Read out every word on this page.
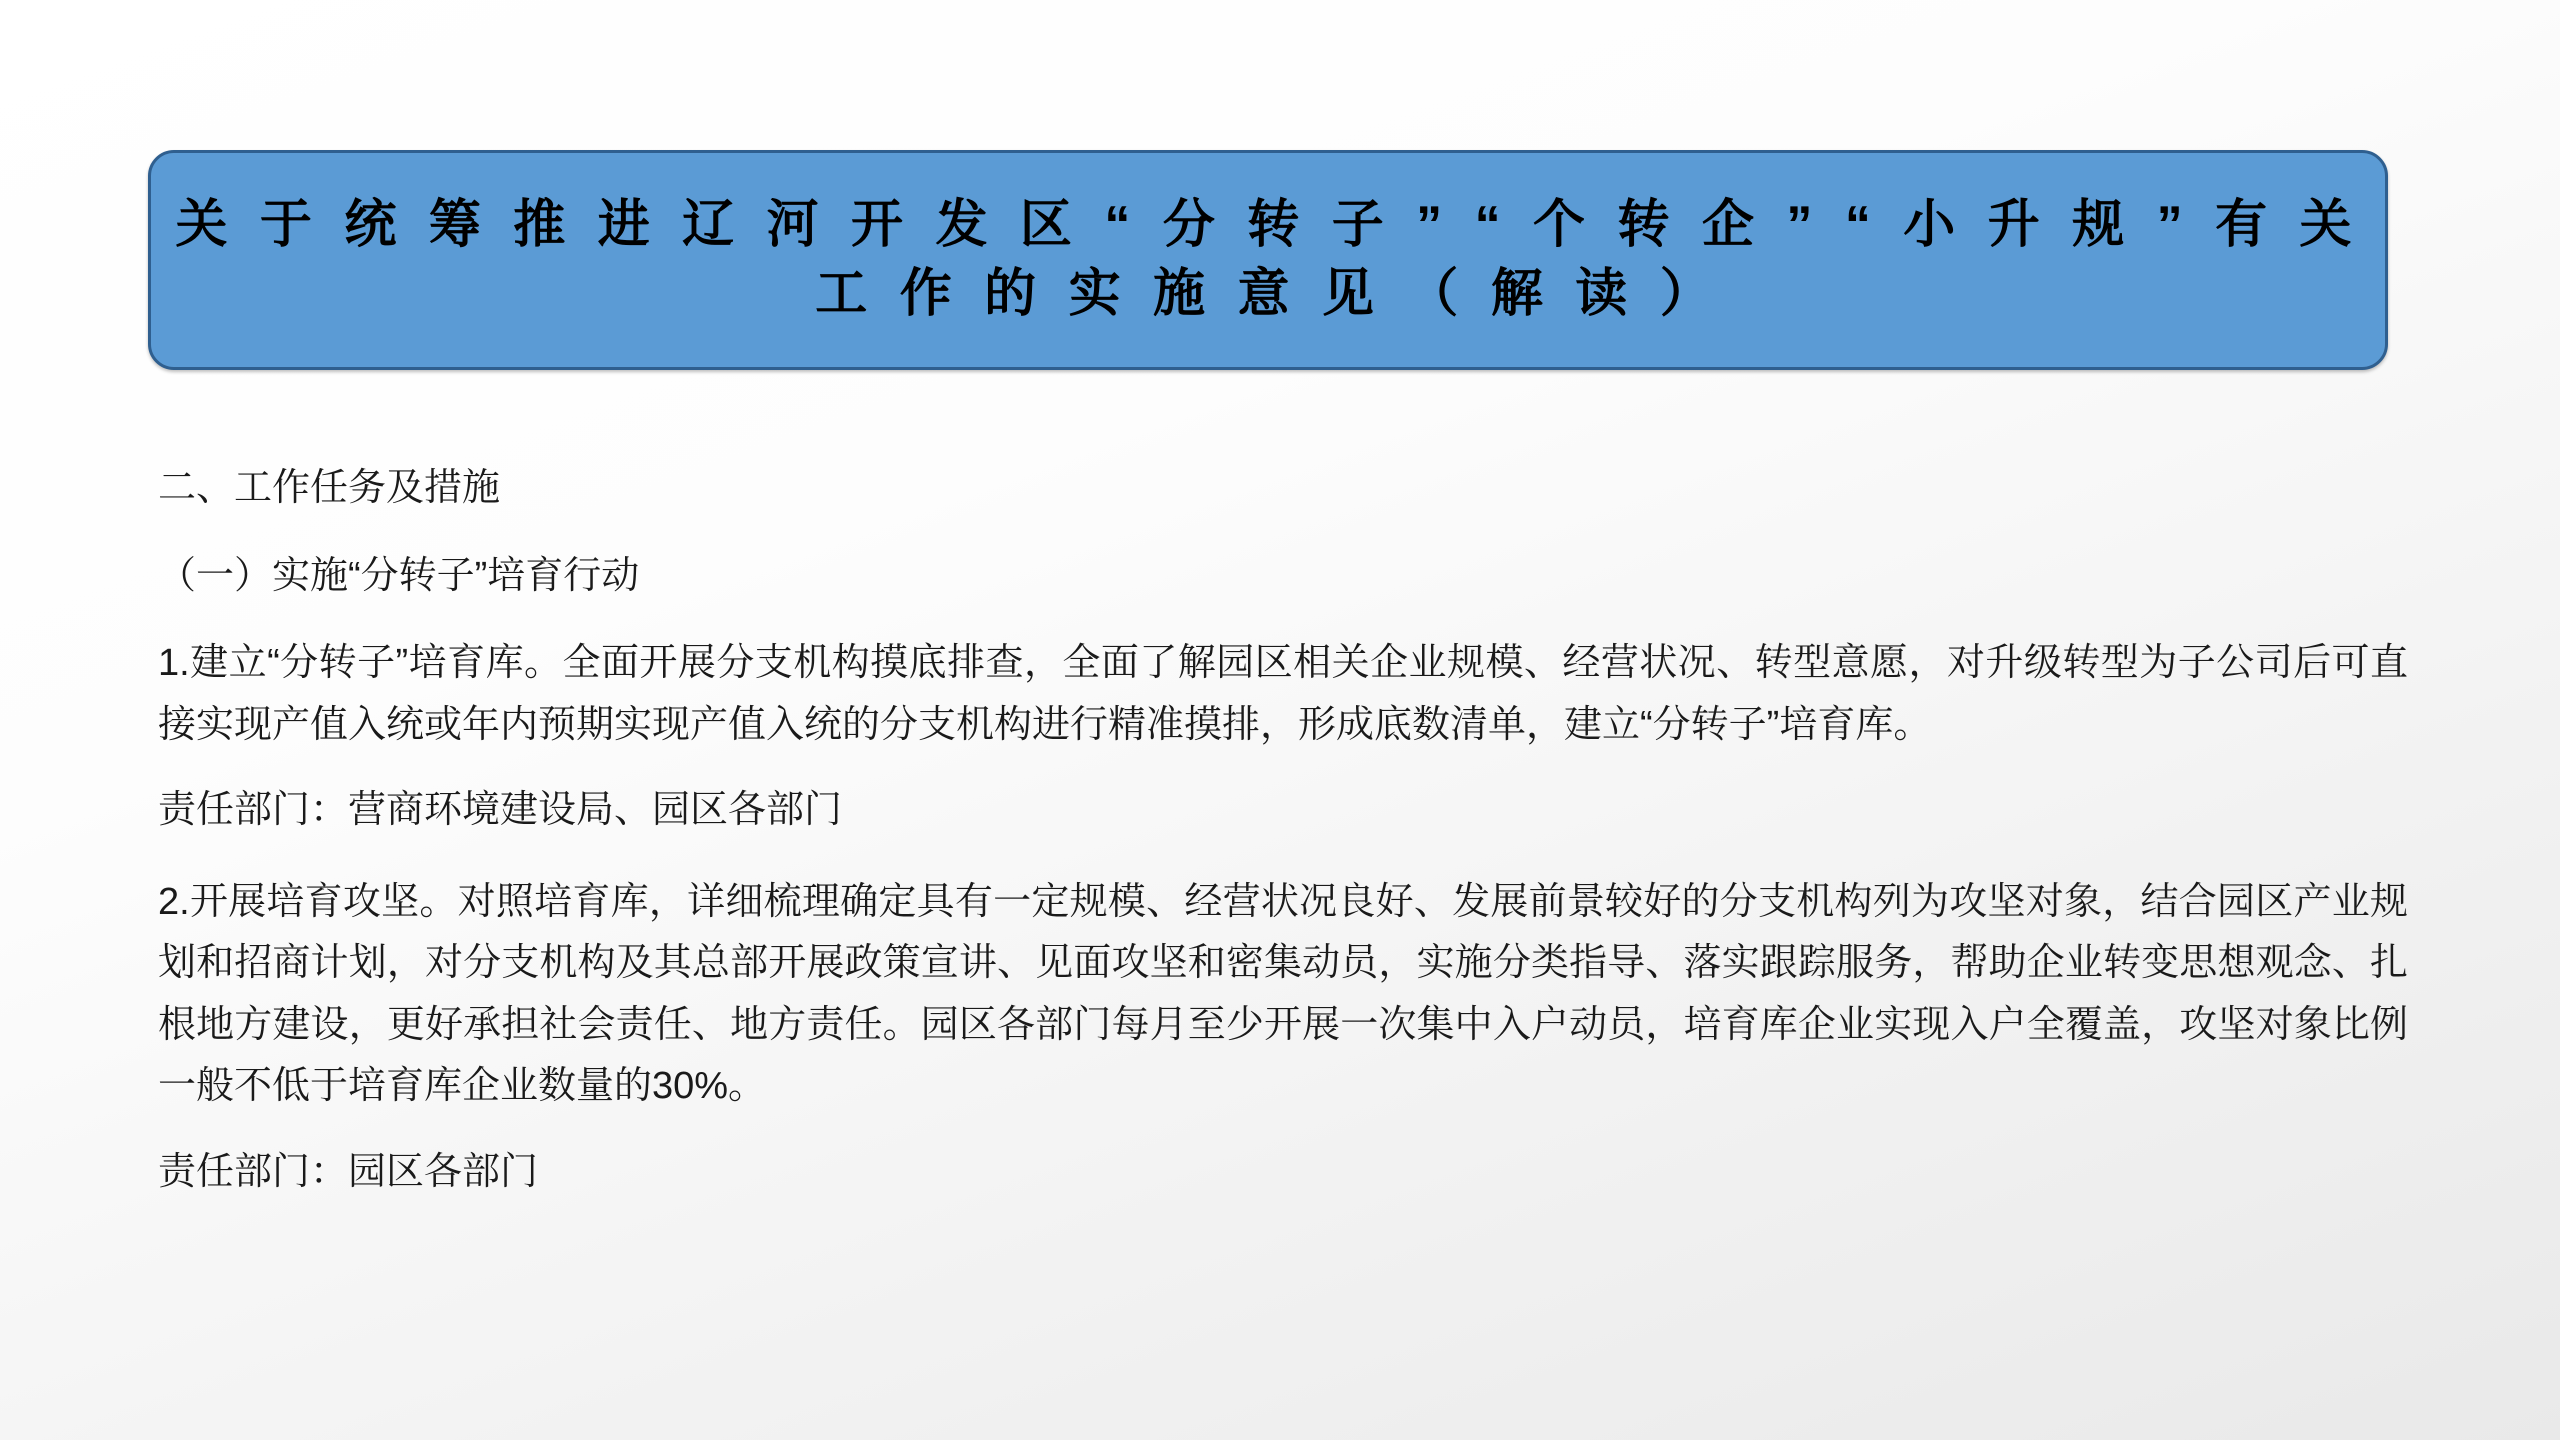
关 于 统 筹 推 进 辽 河 开 发 区 “ 分 转 子 ” “ 个 转 企 ” “ 小 升 规 ” 有 关
工 作 的 实 施 意 见 （ 解 读 ）

二、工作任务及措施

（一）实施“分转子”培育行动

1.建立“分转子”培育库。全面开展分支机构摸底排查，全面了解园区相关企业规模、经营状况、转型意愿，对升级转型为子公司后可直接实现产值入统或年内预期实现产值入统的分支机构进行精准摸排，形成底数清单，建立“分转子”培育库。

责任部门：营商环境建设局、园区各部门

2.开展培育攻坚。对照培育库，详细梳理确定具有一定规模、经营状况良好、发展前景较好的分支机构列为攻坚对象，结合园区产业规划和招商计划，对分支机构及其总部开展政策宣讲、见面攻坚和密集动员，实施分类指导、落实跟踪服务，帮助企业转变思想观念、扎根地方建设，更好承担社会责任、地方责任。园区各部门每月至少开展一次集中入户动员，培育库企业实现入户全覆盖，攻坚对象比例一般不低于培育库企业数量的30%。

责任部门：园区各部门
